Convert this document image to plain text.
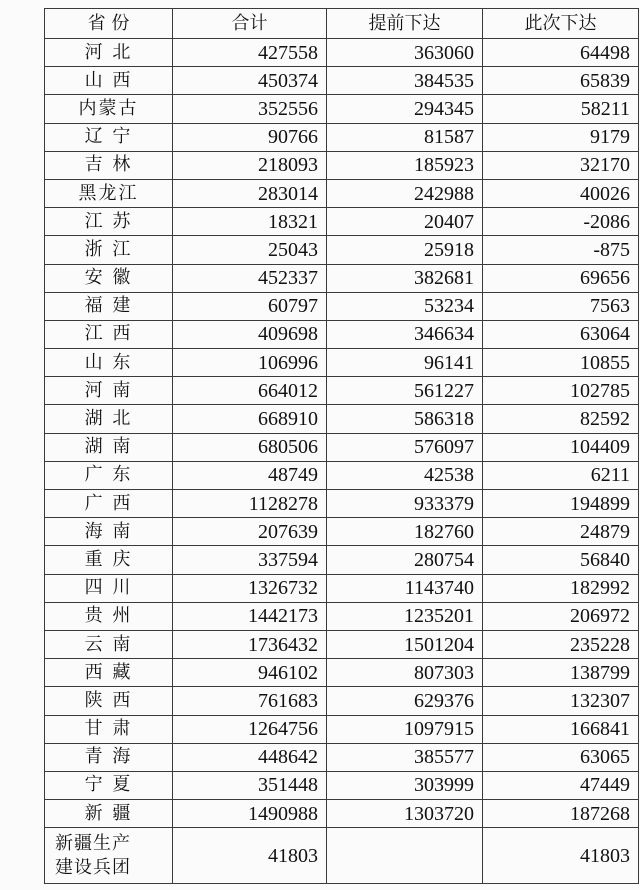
省 份	合计	提前下达	此次下达
河 北	427558	363060	64498
山 西	450374	384535	65839
内蒙古	352556	294345	58211
辽 宁	90766	81587	9179
吉 林	218093	185923	32170
黑龙江	283014	242988	40026
江 苏	18321	20407	-2086
浙 江	25043	25918	-875
安 徽	452337	382681	69656
福 建	60797	53234	7563
江 西	409698	346634	63064
山 东	106996	96141	10855
河 南	664012	561227	102785
湖 北	668910	586318	82592
湖 南	680506	576097	104409
广 东	48749	42538	6211
广 西	1128278	933379	194899
海 南	207639	182760	24879
重 庆	337594	280754	56840
四 川	1326732	1143740	182992
贵 州	1442173	1235201	206972
云 南	1736432	1501204	235228
西 藏	946102	807303	138799
陕 西	761683	629376	132307
甘 肃	1264756	1097915	166841
青 海	448642	385577	63065
宁 夏	351448	303999	47449
新 疆	1490988	1303720	187268

新疆生产
建设兵团	41803		41803
